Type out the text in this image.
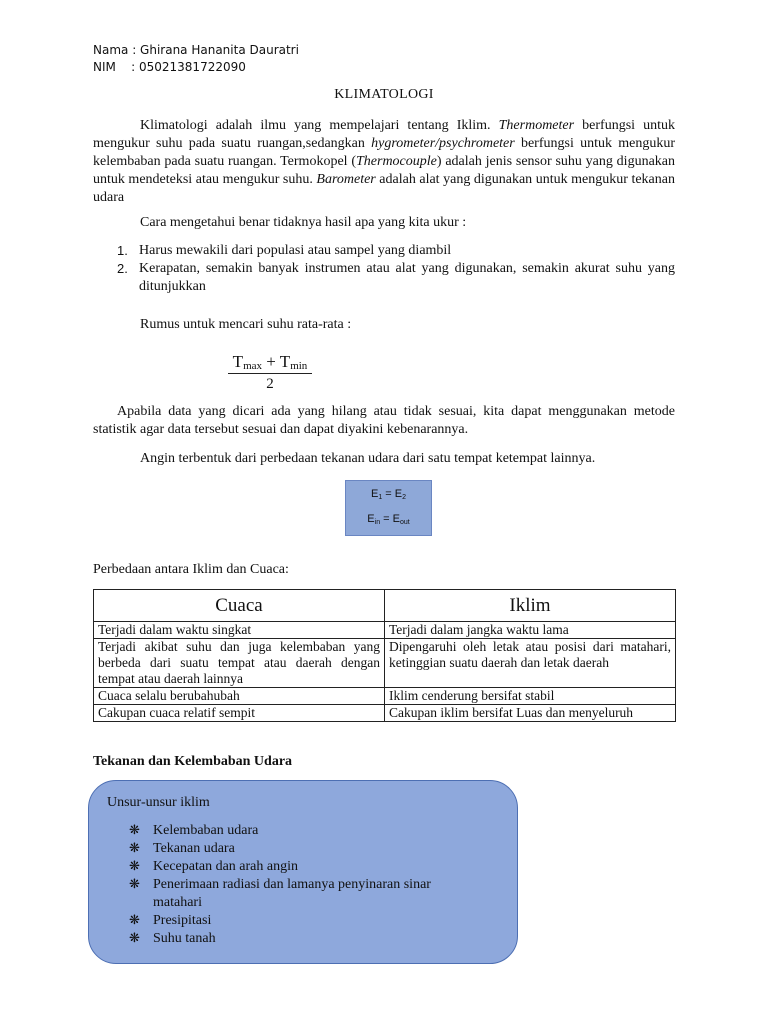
Nama : Ghirana Hananita Dauratri
NIM    : 05021381722090
KLIMATOLOGI
Klimatologi adalah ilmu yang mempelajari tentang Iklim. Thermometer berfungsi untuk mengukur suhu pada suatu ruangan,sedangkan hygrometer/psychrometer berfungsi untuk mengukur kelembaban pada suatu ruangan. Termokopel (Thermocouple) adalah jenis sensor suhu yang digunakan untuk mendeteksi atau mengukur suhu. Barometer adalah alat yang digunakan untuk mengukur tekanan udara
Cara mengetahui benar tidaknya hasil apa yang kita ukur :
1. Harus mewakili dari populasi atau sampel yang diambil
2. Kerapatan, semakin banyak instrumen atau alat yang digunakan, semakin akurat suhu yang ditunjukkan
Rumus untuk mencari suhu rata-rata :
$T_{max} + T_{min}$
2
Apabila data yang dicari ada yang hilang atau tidak sesuai, kita dapat menggunakan metode statistik agar data tersebut sesuai dan dapat diyakini kebenarannya.
Angin terbentuk dari perbedaan tekanan udara dari satu tempat ketempat lainnya.
$E_1 = E_2$
$E_{in} = E_{out}$
Perbedaan antara Iklim dan Cuaca:
Cuaca	Iklim
Terjadi dalam waktu singkat	Terjadi dalam jangka waktu lama
Terjadi akibat suhu dan juga kelembaban yang berbeda dari suatu tempat atau daerah dengan tempat atau daerah lainnya	Dipengaruhi oleh letak atau posisi dari matahari, ketinggian suatu daerah dan letak daerah
Cuaca selalu berubahubah	Iklim cenderung bersifat stabil
Cakupan cuaca relatif sempit	Cakupan iklim bersifat Luas dan menyeluruh
Tekanan dan Kelembaban Udara
Unsur-unsur iklim
❋ Kelembaban udara
❋ Tekanan udara
❋ Kecepatan dan arah angin
❋ Penerimaan radiasi dan lamanya penyinaran sinar matahari
❋ Presipitasi
❋ Suhu tanah
